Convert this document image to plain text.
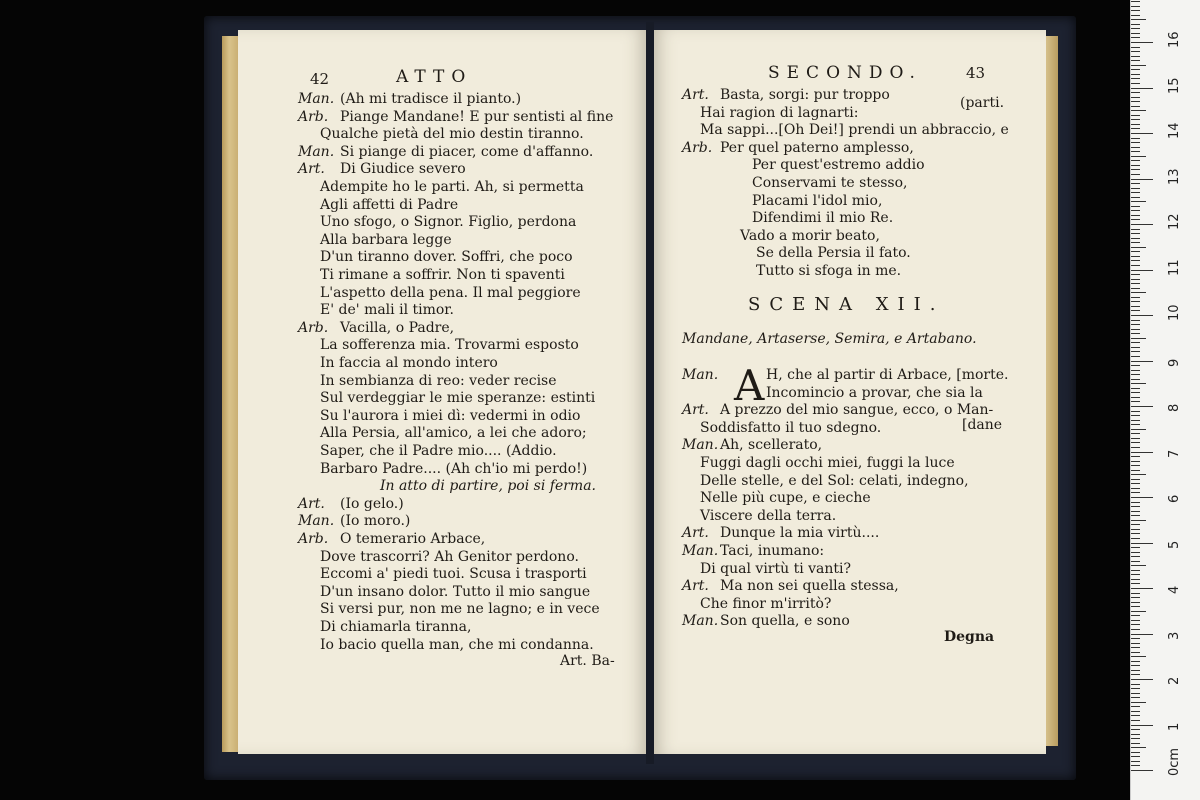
42	ATTO
Art. Ba-
Man. (Ah mi tradisce il pianto.)
Arb. Piange Mandane! E pur sentisti al fine
Qualche pietà del mio destin tiranno.
Man. Si piange di piacer, come d'affanno.
Art. Di Giudice severo
Adempite ho le parti. Ah, si permetta
Agli affetti di Padre
Uno sfogo, o Signor. Figlio, perdona
Alla barbara legge
D'un tiranno dover. Soffri, che poco
Ti rimane a soffrir. Non ti spaventi
L'aspetto della pena. Il mal peggiore
E' de' mali il timor.
Arb. Vacilla, o Padre,
La sofferenza mia. Trovarmi esposto
In faccia al mondo intero
In sembianza di reo: veder recise
Sul verdeggiar le mie speranze: estinti
Su l'aurora i miei dì: vedermi in odio
Alla Persia, all'amico, a lei che adoro;
Saper, che il Padre mio.... (Addio.
Barbaro Padre.... (Ah ch'io mi perdo!)
In atto di partire, poi si ferma.
Art. (Io gelo.)
Man. (Io moro.)
Arb. O temerario Arbace,
Dove trascorri? Ah Genitor perdono.
Eccomi a' piedi tuoi. Scusa i trasporti
D'un insano dolor. Tutto il mio sangue
Si versi pur, non me ne lagno; e in vece
Di chiamarla tiranna,
Io bacio quella man, che mi condanna.
SECONDO.	43
(parti.
SCENA XII.
Mandane, Artaserse, Semira, e Artabano.
A
[dane
Degna
Art. Basta, sorgi: pur troppo
Hai ragion di lagnarti:
Ma sappi...[Oh Dei!] prendi un abbraccio, e
Arb. Per quel paterno amplesso,
Per quest'estremo addio
Conservami te stesso,
Placami l'idol mio,
Difendimi il mio Re.
Vado a morir beato,
Se della Persia il fato.
Tutto si sfoga in me.
Man.	H, che al partir di Arbace, [morte.
Incomincio a provar, che sia la
Art. A prezzo del mio sangue, ecco, o Man-
Soddisfatto il tuo sdegno.
Man. Ah, scellerato,
Fuggi dagli occhi miei, fuggi la luce
Delle stelle, e del Sol: celati, indegno,
Nelle più cupe, e cieche
Viscere della terra.
Art. Dunque la mia virtù....
Man. Taci, inumano:
Di qual virtù ti vanti?
Art. Ma non sei quella stessa,
Che finor m'irritò?
Man. Son quella, e sono
0cm
1
2
3
4
5
6
7
8
9
10
11
12
13
14
15
16
